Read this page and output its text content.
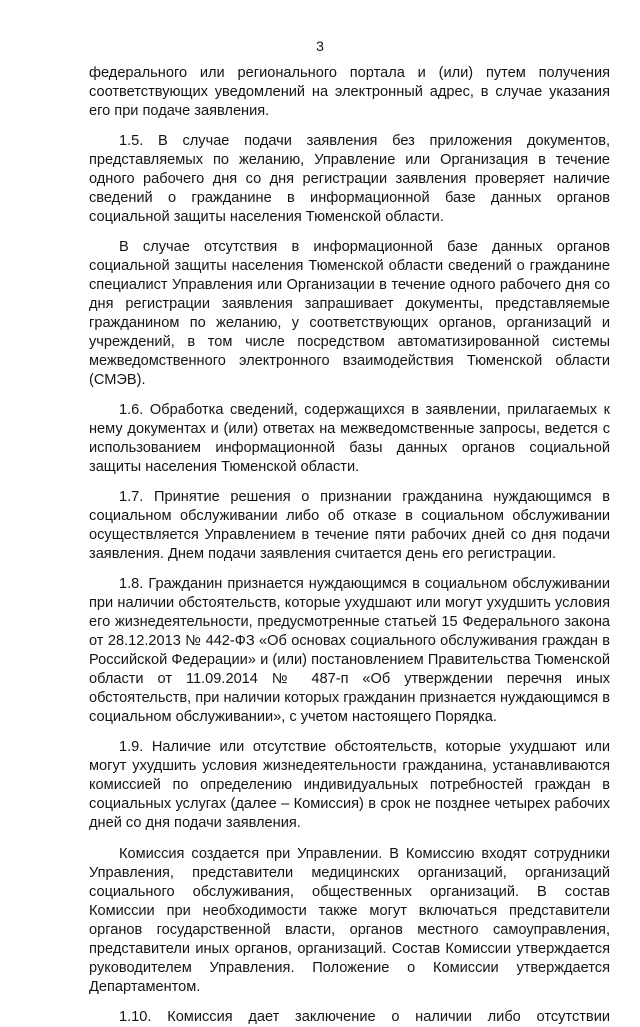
3

федерального или регионального портала и (или) путем получения соответствующих уведомлений на электронный адрес, в случае указания его при подаче заявления.

1.5. В случае подачи заявления без приложения документов, представляемых по желанию, Управление или Организация в течение одного рабочего дня со дня регистрации заявления проверяет наличие сведений о гражданине в информационной базе данных органов социальной защиты населения Тюменской области.

В случае отсутствия в информационной базе данных органов социальной защиты населения Тюменской области сведений о гражданине специалист Управления или Организации в течение одного рабочего дня со дня регистрации заявления запрашивает документы, представляемые гражданином по желанию, у соответствующих органов, организаций и учреждений, в том числе посредством автоматизированной системы межведомственного электронного взаимодействия Тюменской области (СМЭВ).

1.6. Обработка сведений, содержащихся в заявлении, прилагаемых к нему документах и (или) ответах на межведомственные запросы, ведется с использованием информационной базы данных органов социальной защиты населения Тюменской области.

1.7. Принятие решения о признании гражданина нуждающимся в социальном обслуживании либо об отказе в социальном обслуживании осуществляется Управлением в течение пяти рабочих дней со дня подачи заявления. Днем подачи заявления считается день его регистрации.

1.8. Гражданин признается нуждающимся в социальном обслуживании при наличии обстоятельств, которые ухудшают или могут ухудшить условия его жизнедеятельности, предусмотренные статьей 15 Федерального закона от 28.12.2013 № 442-ФЗ «Об основах социального обслуживания граждан в Российской Федерации» и (или) постановлением Правительства Тюменской области от 11.09.2014 № 487-п «Об утверждении перечня иных обстоятельств, при наличии которых гражданин признается нуждающимся в социальном обслуживании», с учетом настоящего Порядка.

1.9. Наличие или отсутствие обстоятельств, которые ухудшают или могут ухудшить условия жизнедеятельности гражданина, устанавливаются комиссией по определению индивидуальных потребностей граждан в социальных услугах (далее – Комиссия) в срок не позднее четырех рабочих дней со дня подачи заявления.

Комиссия создается при Управлении. В Комиссию входят сотрудники Управления, представители медицинских организаций, организаций социального обслуживания, общественных организаций. В состав Комиссии при необходимости также могут включаться представители органов государственной власти, органов местного самоуправления, представители иных органов, организаций. Состав Комиссии утверждается руководителем Управления. Положение о Комиссии утверждается Департаментом.

1.10. Комиссия дает заключение о наличии либо отсутствии
